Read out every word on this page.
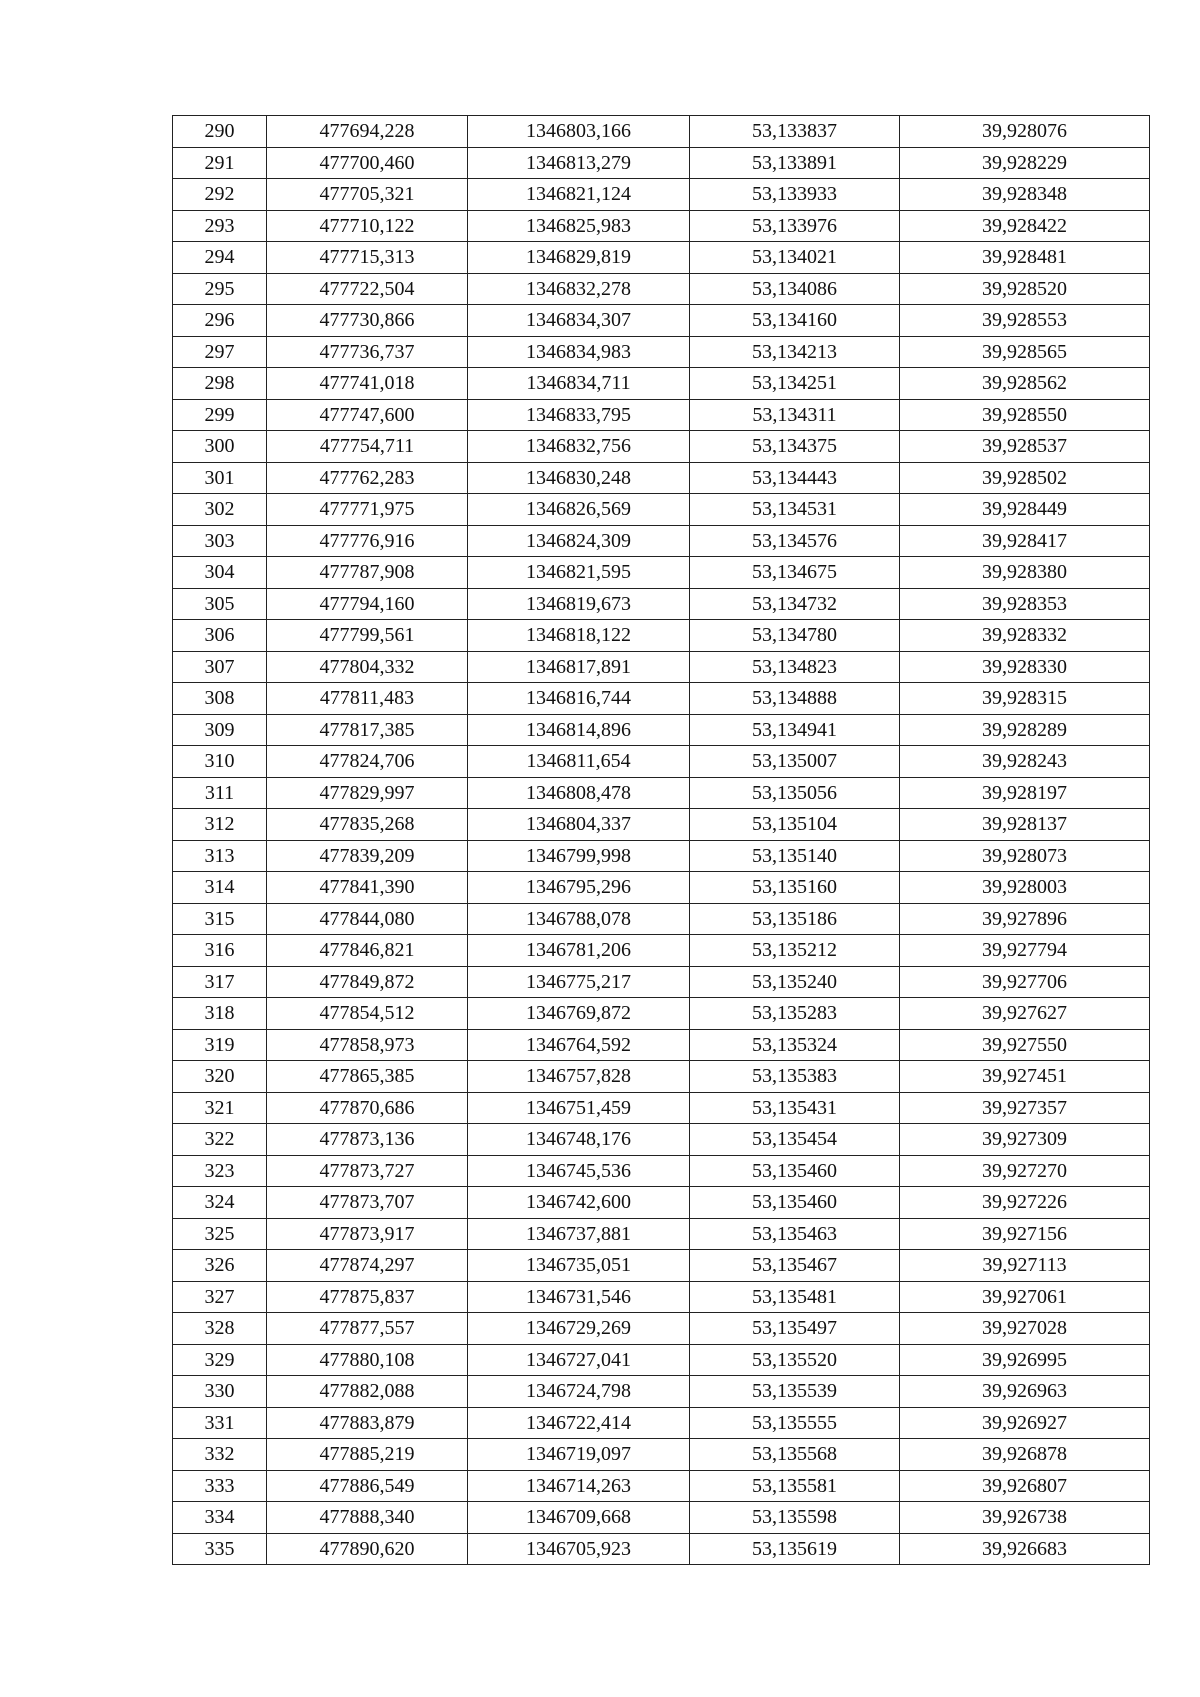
290	477694,228	1346803,166	53,133837	39,928076
291	477700,460	1346813,279	53,133891	39,928229
292	477705,321	1346821,124	53,133933	39,928348
293	477710,122	1346825,983	53,133976	39,928422
294	477715,313	1346829,819	53,134021	39,928481
295	477722,504	1346832,278	53,134086	39,928520
296	477730,866	1346834,307	53,134160	39,928553
297	477736,737	1346834,983	53,134213	39,928565
298	477741,018	1346834,711	53,134251	39,928562
299	477747,600	1346833,795	53,134311	39,928550
300	477754,711	1346832,756	53,134375	39,928537
301	477762,283	1346830,248	53,134443	39,928502
302	477771,975	1346826,569	53,134531	39,928449
303	477776,916	1346824,309	53,134576	39,928417
304	477787,908	1346821,595	53,134675	39,928380
305	477794,160	1346819,673	53,134732	39,928353
306	477799,561	1346818,122	53,134780	39,928332
307	477804,332	1346817,891	53,134823	39,928330
308	477811,483	1346816,744	53,134888	39,928315
309	477817,385	1346814,896	53,134941	39,928289
310	477824,706	1346811,654	53,135007	39,928243
311	477829,997	1346808,478	53,135056	39,928197
312	477835,268	1346804,337	53,135104	39,928137
313	477839,209	1346799,998	53,135140	39,928073
314	477841,390	1346795,296	53,135160	39,928003
315	477844,080	1346788,078	53,135186	39,927896
316	477846,821	1346781,206	53,135212	39,927794
317	477849,872	1346775,217	53,135240	39,927706
318	477854,512	1346769,872	53,135283	39,927627
319	477858,973	1346764,592	53,135324	39,927550
320	477865,385	1346757,828	53,135383	39,927451
321	477870,686	1346751,459	53,135431	39,927357
322	477873,136	1346748,176	53,135454	39,927309
323	477873,727	1346745,536	53,135460	39,927270
324	477873,707	1346742,600	53,135460	39,927226
325	477873,917	1346737,881	53,135463	39,927156
326	477874,297	1346735,051	53,135467	39,927113
327	477875,837	1346731,546	53,135481	39,927061
328	477877,557	1346729,269	53,135497	39,927028
329	477880,108	1346727,041	53,135520	39,926995
330	477882,088	1346724,798	53,135539	39,926963
331	477883,879	1346722,414	53,135555	39,926927
332	477885,219	1346719,097	53,135568	39,926878
333	477886,549	1346714,263	53,135581	39,926807
334	477888,340	1346709,668	53,135598	39,926738
335	477890,620	1346705,923	53,135619	39,926683
